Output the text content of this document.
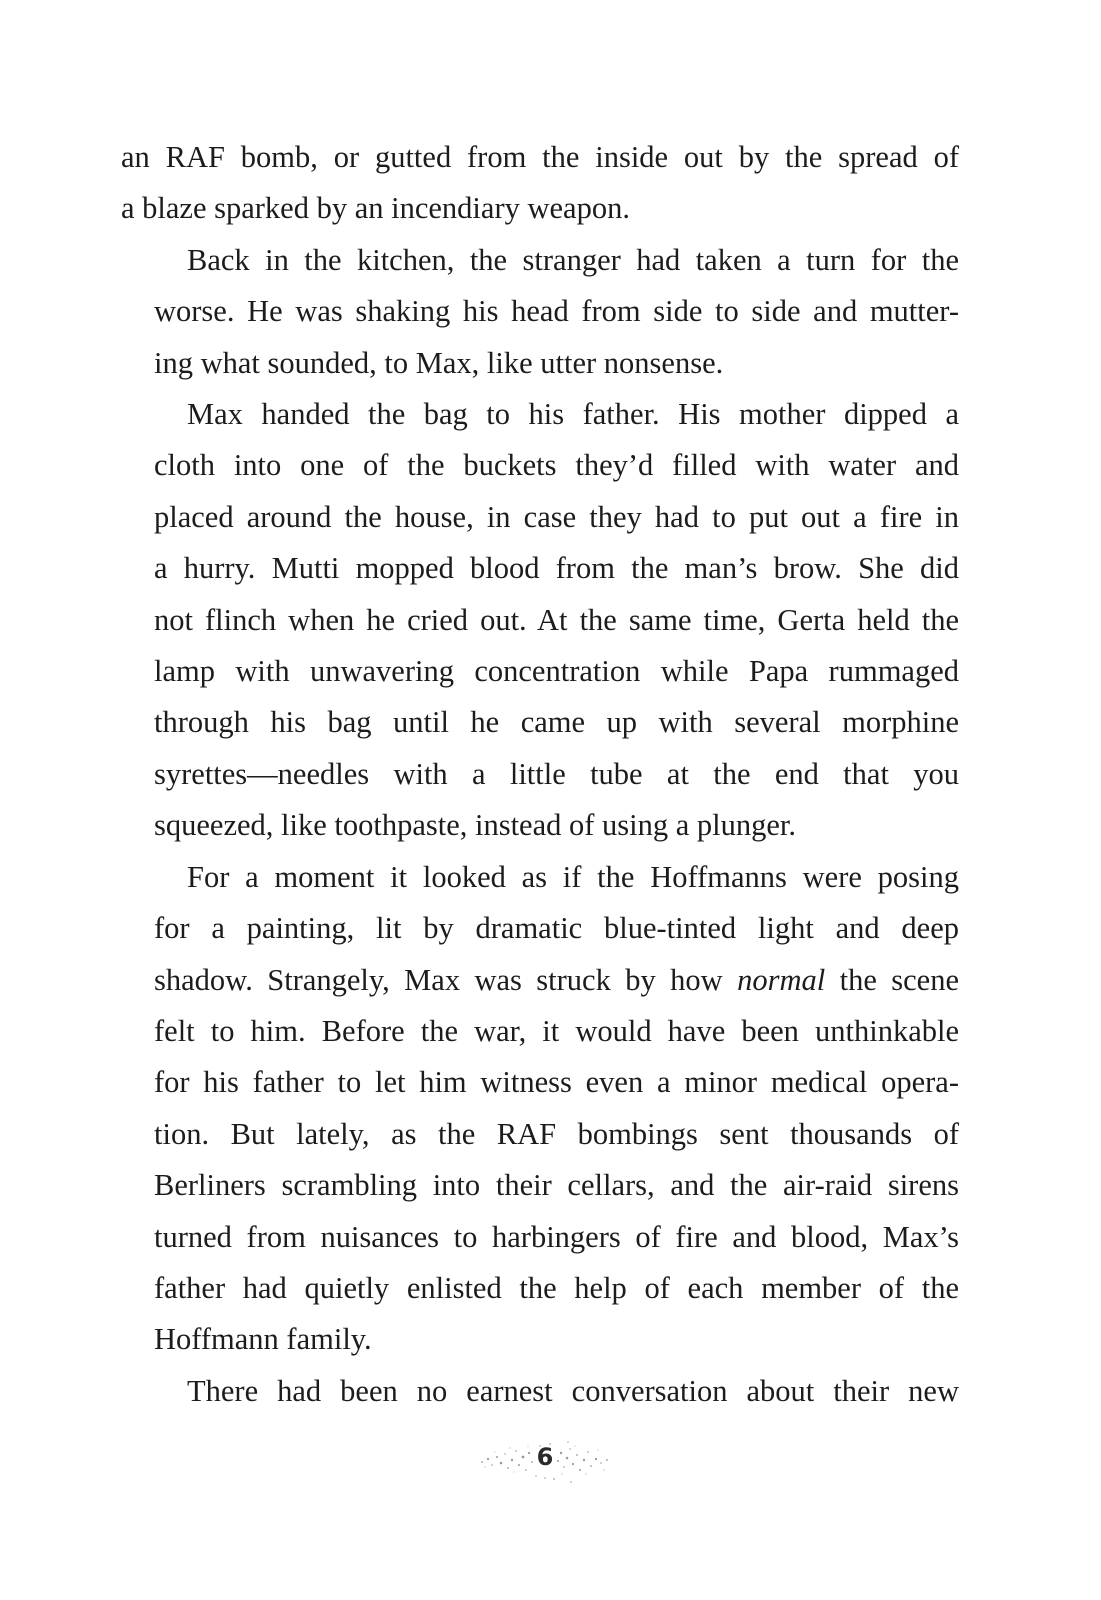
an RAF bomb, or gutted from the inside out by the spread of
a blaze sparked by an incendiary weapon.

Back in the kitchen, the stranger had taken a turn for the
worse. He was shaking his head from side to side and mutter-
ing what sounded, to Max, like utter nonsense.

Max handed the bag to his father. His mother dipped a
cloth into one of the buckets they’d filled with water and
placed around the house, in case they had to put out a fire in
a hurry. Mutti mopped blood from the man’s brow. She did
not flinch when he cried out. At the same time, Gerta held the
lamp with unwavering concentration while Papa rummaged
through his bag until he came up with several morphine
syrettes—needles with a little tube at the end that you
squeezed, like toothpaste, instead of using a plunger.

For a moment it looked as if the Hoffmanns were posing
for a painting, lit by dramatic blue-tinted light and deep
shadow. Strangely, Max was struck by how normal the scene
felt to him. Before the war, it would have been unthinkable
for his father to let him witness even a minor medical opera-
tion. But lately, as the RAF bombings sent thousands of
Berliners scrambling into their cellars, and the air-raid sirens
turned from nuisances to harbingers of fire and blood, Max’s
father had quietly enlisted the help of each member of the
Hoffmann family.

There had been no earnest conversation about their new

6
